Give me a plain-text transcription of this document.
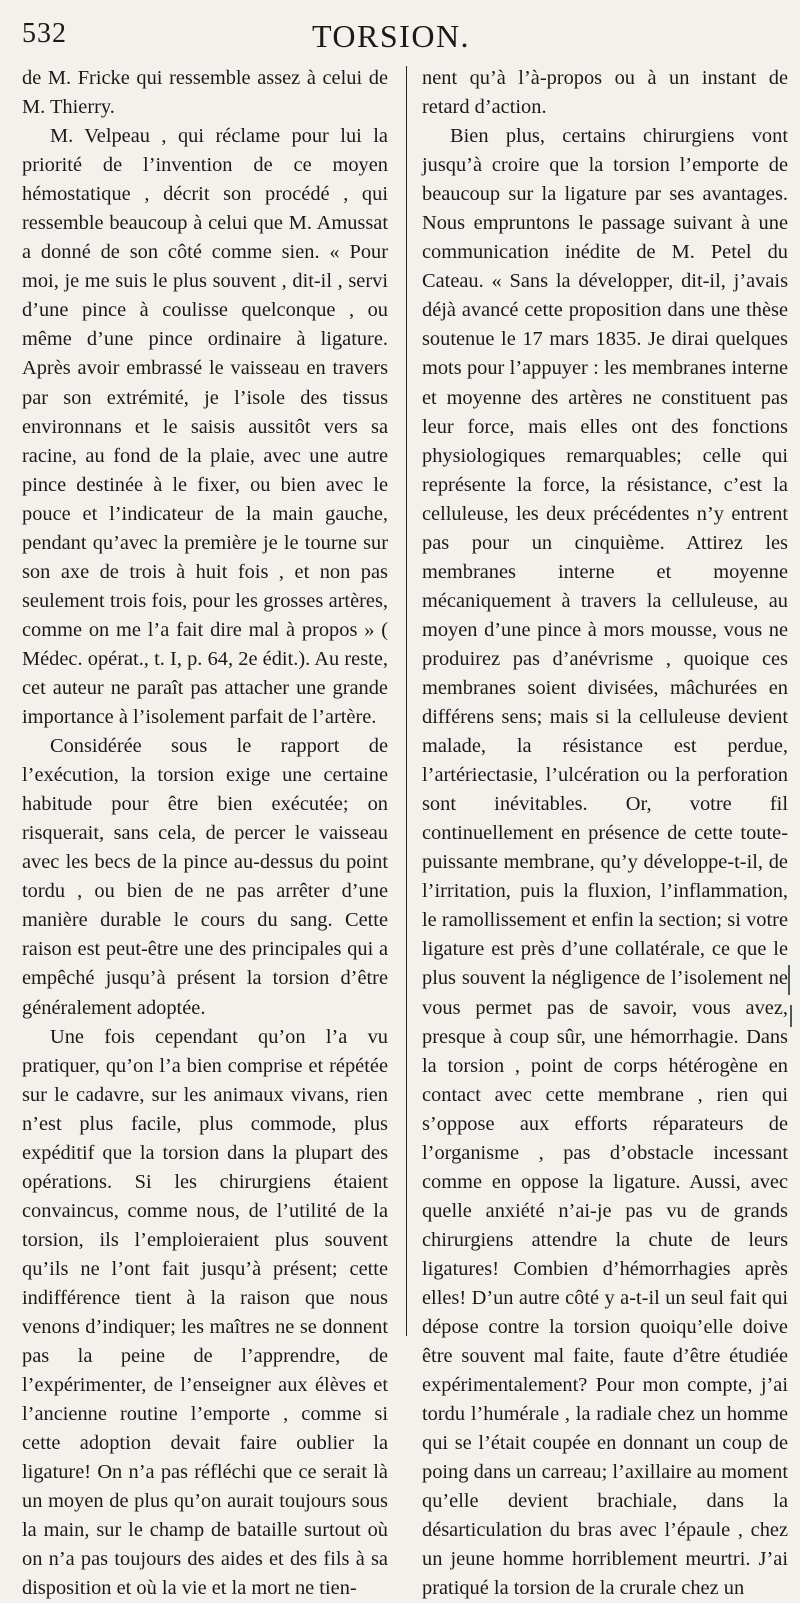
532	TORSION.

de M. Fricke qui ressemble assez à celui de M. Thierry.

M. Velpeau , qui réclame pour lui la priorité de l’invention de ce moyen hémostatique , décrit son procédé , qui ressemble beaucoup à celui que M. Amussat a donné de son côté comme sien. « Pour moi, je me suis le plus souvent , dit-il , servi d’une pince à coulisse quelconque , ou même d’une pince ordinaire à ligature. Après avoir embrassé le vaisseau en travers par son extrémité, je l’isole des tissus environnans et le saisis aussitôt vers sa racine, au fond de la plaie, avec une autre pince destinée à le fixer, ou bien avec le pouce et l’indicateur de la main gauche, pendant qu’avec la première je le tourne sur son axe de trois à huit fois , et non pas seulement trois fois, pour les grosses artères, comme on me l’a fait dire mal à propos » ( Médec. opérat., t. I, p. 64, 2e édit.). Au reste, cet auteur ne paraît pas attacher une grande importance à l’isolement parfait de l’artère.

Considérée sous le rapport de l’exécution, la torsion exige une certaine habitude pour être bien exécutée; on risquerait, sans cela, de percer le vaisseau avec les becs de la pince au-dessus du point tordu , ou bien de ne pas arrêter d’une manière durable le cours du sang. Cette raison est peut-être une des principales qui a empêché jusqu’à présent la torsion d’être généralement adoptée.

Une fois cependant qu’on l’a vu pratiquer, qu’on l’a bien comprise et répétée sur le cadavre, sur les animaux vivans, rien n’est plus facile, plus commode, plus expéditif que la torsion dans la plupart des opérations. Si les chirurgiens étaient convaincus, comme nous, de l’utilité de la torsion, ils l’emploieraient plus souvent qu’ils ne l’ont fait jusqu’à présent; cette indifférence tient à la raison que nous venons d’indiquer; les maîtres ne se donnent pas la peine de l’apprendre, de l’expérimenter, de l’enseigner aux élèves et l’ancienne routine l’emporte , comme si cette adoption devait faire oublier la ligature! On n’a pas réfléchi que ce serait là un moyen de plus qu’on aurait toujours sous la main, sur le champ de bataille surtout où on n’a pas toujours des aides et des fils à sa disposition et où la vie et la mort ne tien-

nent qu’à l’à-propos ou à un instant de retard d’action.

Bien plus, certains chirurgiens vont jusqu’à croire que la torsion l’emporte de beaucoup sur la ligature par ses avantages. Nous empruntons le passage suivant à une communication inédite de M. Petel du Cateau. « Sans la développer, dit-il, j’avais déjà avancé cette proposition dans une thèse soutenue le 17 mars 1835. Je dirai quelques mots pour l’appuyer : les membranes interne et moyenne des artères ne constituent pas leur force, mais elles ont des fonctions physiologiques remarquables; celle qui représente la force, la résistance, c’est la celluleuse, les deux précédentes n’y entrent pas pour un cinquième. Attirez les membranes interne et moyenne mécaniquement à travers la celluleuse, au moyen d’une pince à mors mousse, vous ne produirez pas d’anévrisme , quoique ces membranes soient divisées, mâchurées en différens sens; mais si la celluleuse devient malade, la résistance est perdue, l’artériectasie, l’ulcération ou la perforation sont inévitables. Or, votre fil continuellement en présence de cette toute-puissante membrane, qu’y développe-t-il, de l’irritation, puis la fluxion, l’inflammation, le ramollissement et enfin la section; si votre ligature est près d’une collatérale, ce que le plus souvent la négligence de l’isolement ne vous permet pas de savoir, vous avez, presque à coup sûr, une hémorrhagie. Dans la torsion , point de corps hétérogène en contact avec cette membrane , rien qui s’oppose aux efforts réparateurs de l’organisme , pas d’obstacle incessant comme en oppose la ligature. Aussi, avec quelle anxiété n’ai-je pas vu de grands chirurgiens attendre la chute de leurs ligatures! Combien d’hémorrhagies après elles! D’un autre côté y a-t-il un seul fait qui dépose contre la torsion quoiqu’elle doive être souvent mal faite, faute d’être étudiée expérimentalement? Pour mon compte, j’ai tordu l’humérale , la radiale chez un homme qui se l’était coupée en donnant un coup de poing dans un carreau; l’axillaire au moment qu’elle devient brachiale, dans la désarticulation du bras avec l’épaule , chez un jeune homme horriblement meurtri. J’ai pratiqué la torsion de la crurale chez un
